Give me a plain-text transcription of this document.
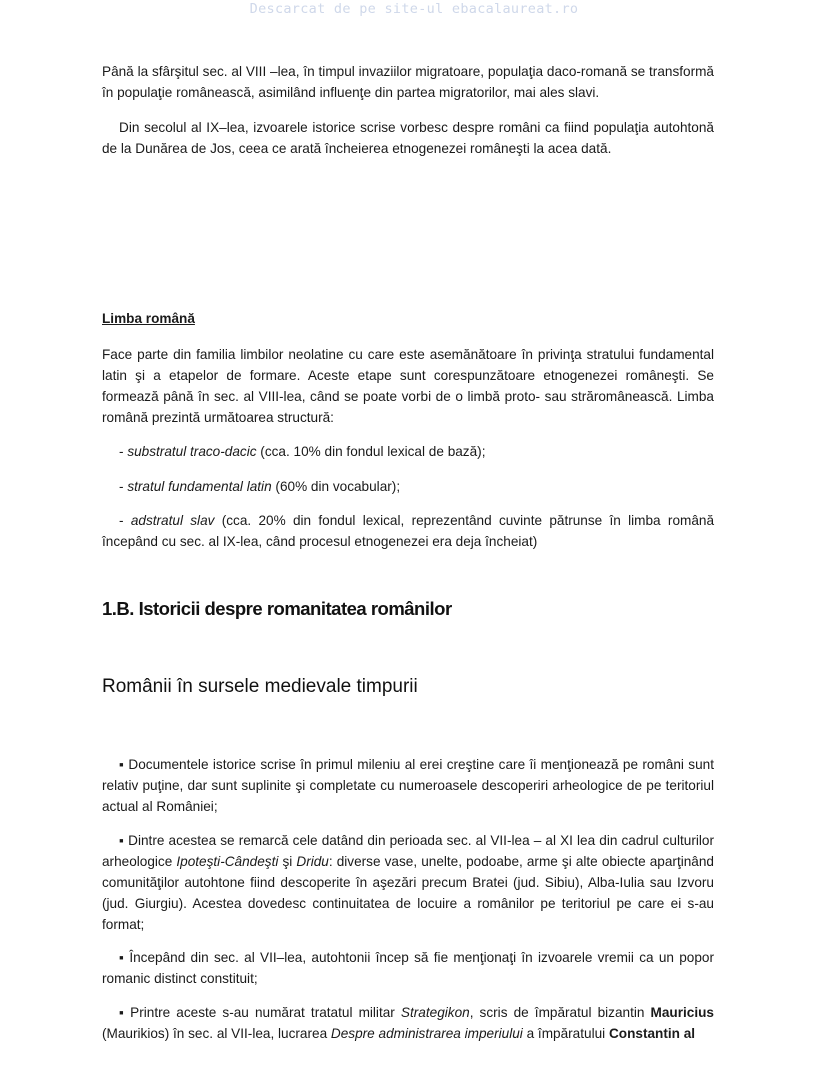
Descarcat de pe site-ul ebacalaureat.ro

Până la sfârşitul sec. al VIII –lea, în timpul invaziilor migratoare, populaţia daco-romană se transformă în populaţie românească, asimilând influenţe din partea migratorilor, mai ales slavi.

Din secolul al IX–lea, izvoarele istorice scrise vorbesc despre români ca fiind populaţia autohtonă de la Dunărea de Jos, ceea ce arată încheierea etnogenezei româneşti la acea dată.

Limba română

Face parte din familia limbilor neolatine cu care este asemănătoare în privinţa stratului fundamental latin şi a etapelor de formare. Aceste etape sunt corespunzătoare etnogenezei româneşti. Se formează până în sec. al VIII-lea, când se poate vorbi de o limbă proto- sau străromânească. Limba română prezintă următoarea structură:

- substratul traco-dacic (cca. 10% din fondul lexical de bază);

- stratul fundamental latin (60% din vocabular);

- adstratul slav (cca. 20% din fondul lexical, reprezentând cuvinte pătrunse în limba română începând cu sec. al IX-lea, când procesul etnogenezei era deja încheiat)

1.B. Istoricii despre romanitatea românilor
Românii în sursele medievale timpurii

▪ Documentele istorice scrise în primul mileniu al erei creştine care îi menţionează pe români sunt relativ puţine, dar sunt suplinite şi completate cu numeroasele descoperiri arheologice de pe teritoriul actual al României;

▪ Dintre acestea se remarcă cele datând din perioada sec. al VII-lea – al XI lea din cadrul culturilor arheologice Ipoteşti-Cândeşti şi Dridu: diverse vase, unelte, podoabe, arme şi alte obiecte aparţinând comunităţilor autohtone fiind descoperite în aşezări precum Bratei (jud. Sibiu), Alba-Iulia sau Izvoru (jud. Giurgiu). Acestea dovedesc continuitatea de locuire a românilor pe teritoriul pe care ei s-au format;

▪ Începând din sec. al VII–lea, autohtonii încep să fie menţionaţi în izvoarele vremii ca un popor romanic distinct constituit;

▪ Printre aceste s-au numărat tratatul militar Strategikon, scris de împăratul bizantin Mauricius (Maurikios) în sec. al VII-lea, lucrarea Despre administrarea imperiului a împăratului Constantin al
